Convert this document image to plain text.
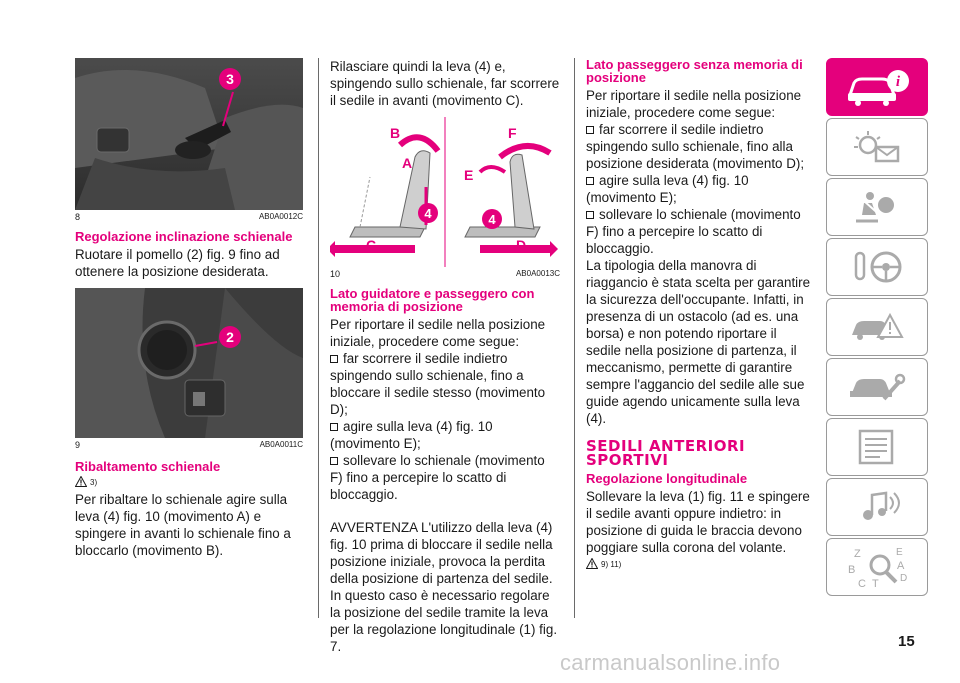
3
8	AB0A0012C
Regolazione inclinazione schienale

Ruotare il pomello (2) fig. 9 fino ad ottenere la posizione desiderata.

2
9	AB0A0011C
Ribaltamento schienale
3)

Per ribaltare lo schienale agire sulla leva (4) fig. 10 (movimento A) e spingere in avanti lo schienale fino a bloccarlo (movimento B).

Rilasciare quindi la leva (4) e, spingendo sullo schienale, far scorrere il sedile in avanti (movimento C).

B
A
4
C
F
E
4
D
10	AB0A0013C
Lato guidatore e passeggero con memoria di posizione

Per riportare il sedile nella posizione iniziale, procedere come segue:

far scorrere il sedile indietro spingendo sullo schienale, fino a bloccare il sedile stesso (movimento D);

agire sulla leva (4) fig. 10 (movimento E);

sollevare lo schienale (movimento F) fino a percepire lo scatto di bloccaggio.

AVVERTENZA L'utilizzo della leva (4) fig. 10 prima di bloccare il sedile nella posizione iniziale, provoca la perdita della posizione di partenza del sedile. In questo caso è necessario regolare la posizione del sedile tramite la leva per la regolazione longitudinale (1) fig. 7.

Lato passeggero senza memoria di posizione

Per riportare il sedile nella posizione iniziale, procedere come segue:

far scorrere il sedile indietro spingendo sullo schienale, fino alla posizione desiderata (movimento D);

agire sulla leva (4) fig. 10 (movimento E);

sollevare lo schienale (movimento F) fino a percepire lo scatto di bloccaggio.

La tipologia della manovra di riaggancio è stata scelta per garantire la sicurezza dell'occupante. Infatti, in presenza di un ostacolo (ad es. una borsa) e non potendo riportare il sedile nella posizione di partenza, il meccanismo, permette di garantire sempre l'aggancio del sedile alle sue guide agendo unicamente sulla leva (4).

SEDILI ANTERIORI SPORTIVI
Regolazione longitudinale

Sollevare la leva (1) fig. 11 e spingere il sedile avanti oppure indietro: in posizione di guida le braccia devono poggiare sulla corona del volante.

9) 11)
i
Z	E
A
B
D
C T
15
carmanualsonline.info
